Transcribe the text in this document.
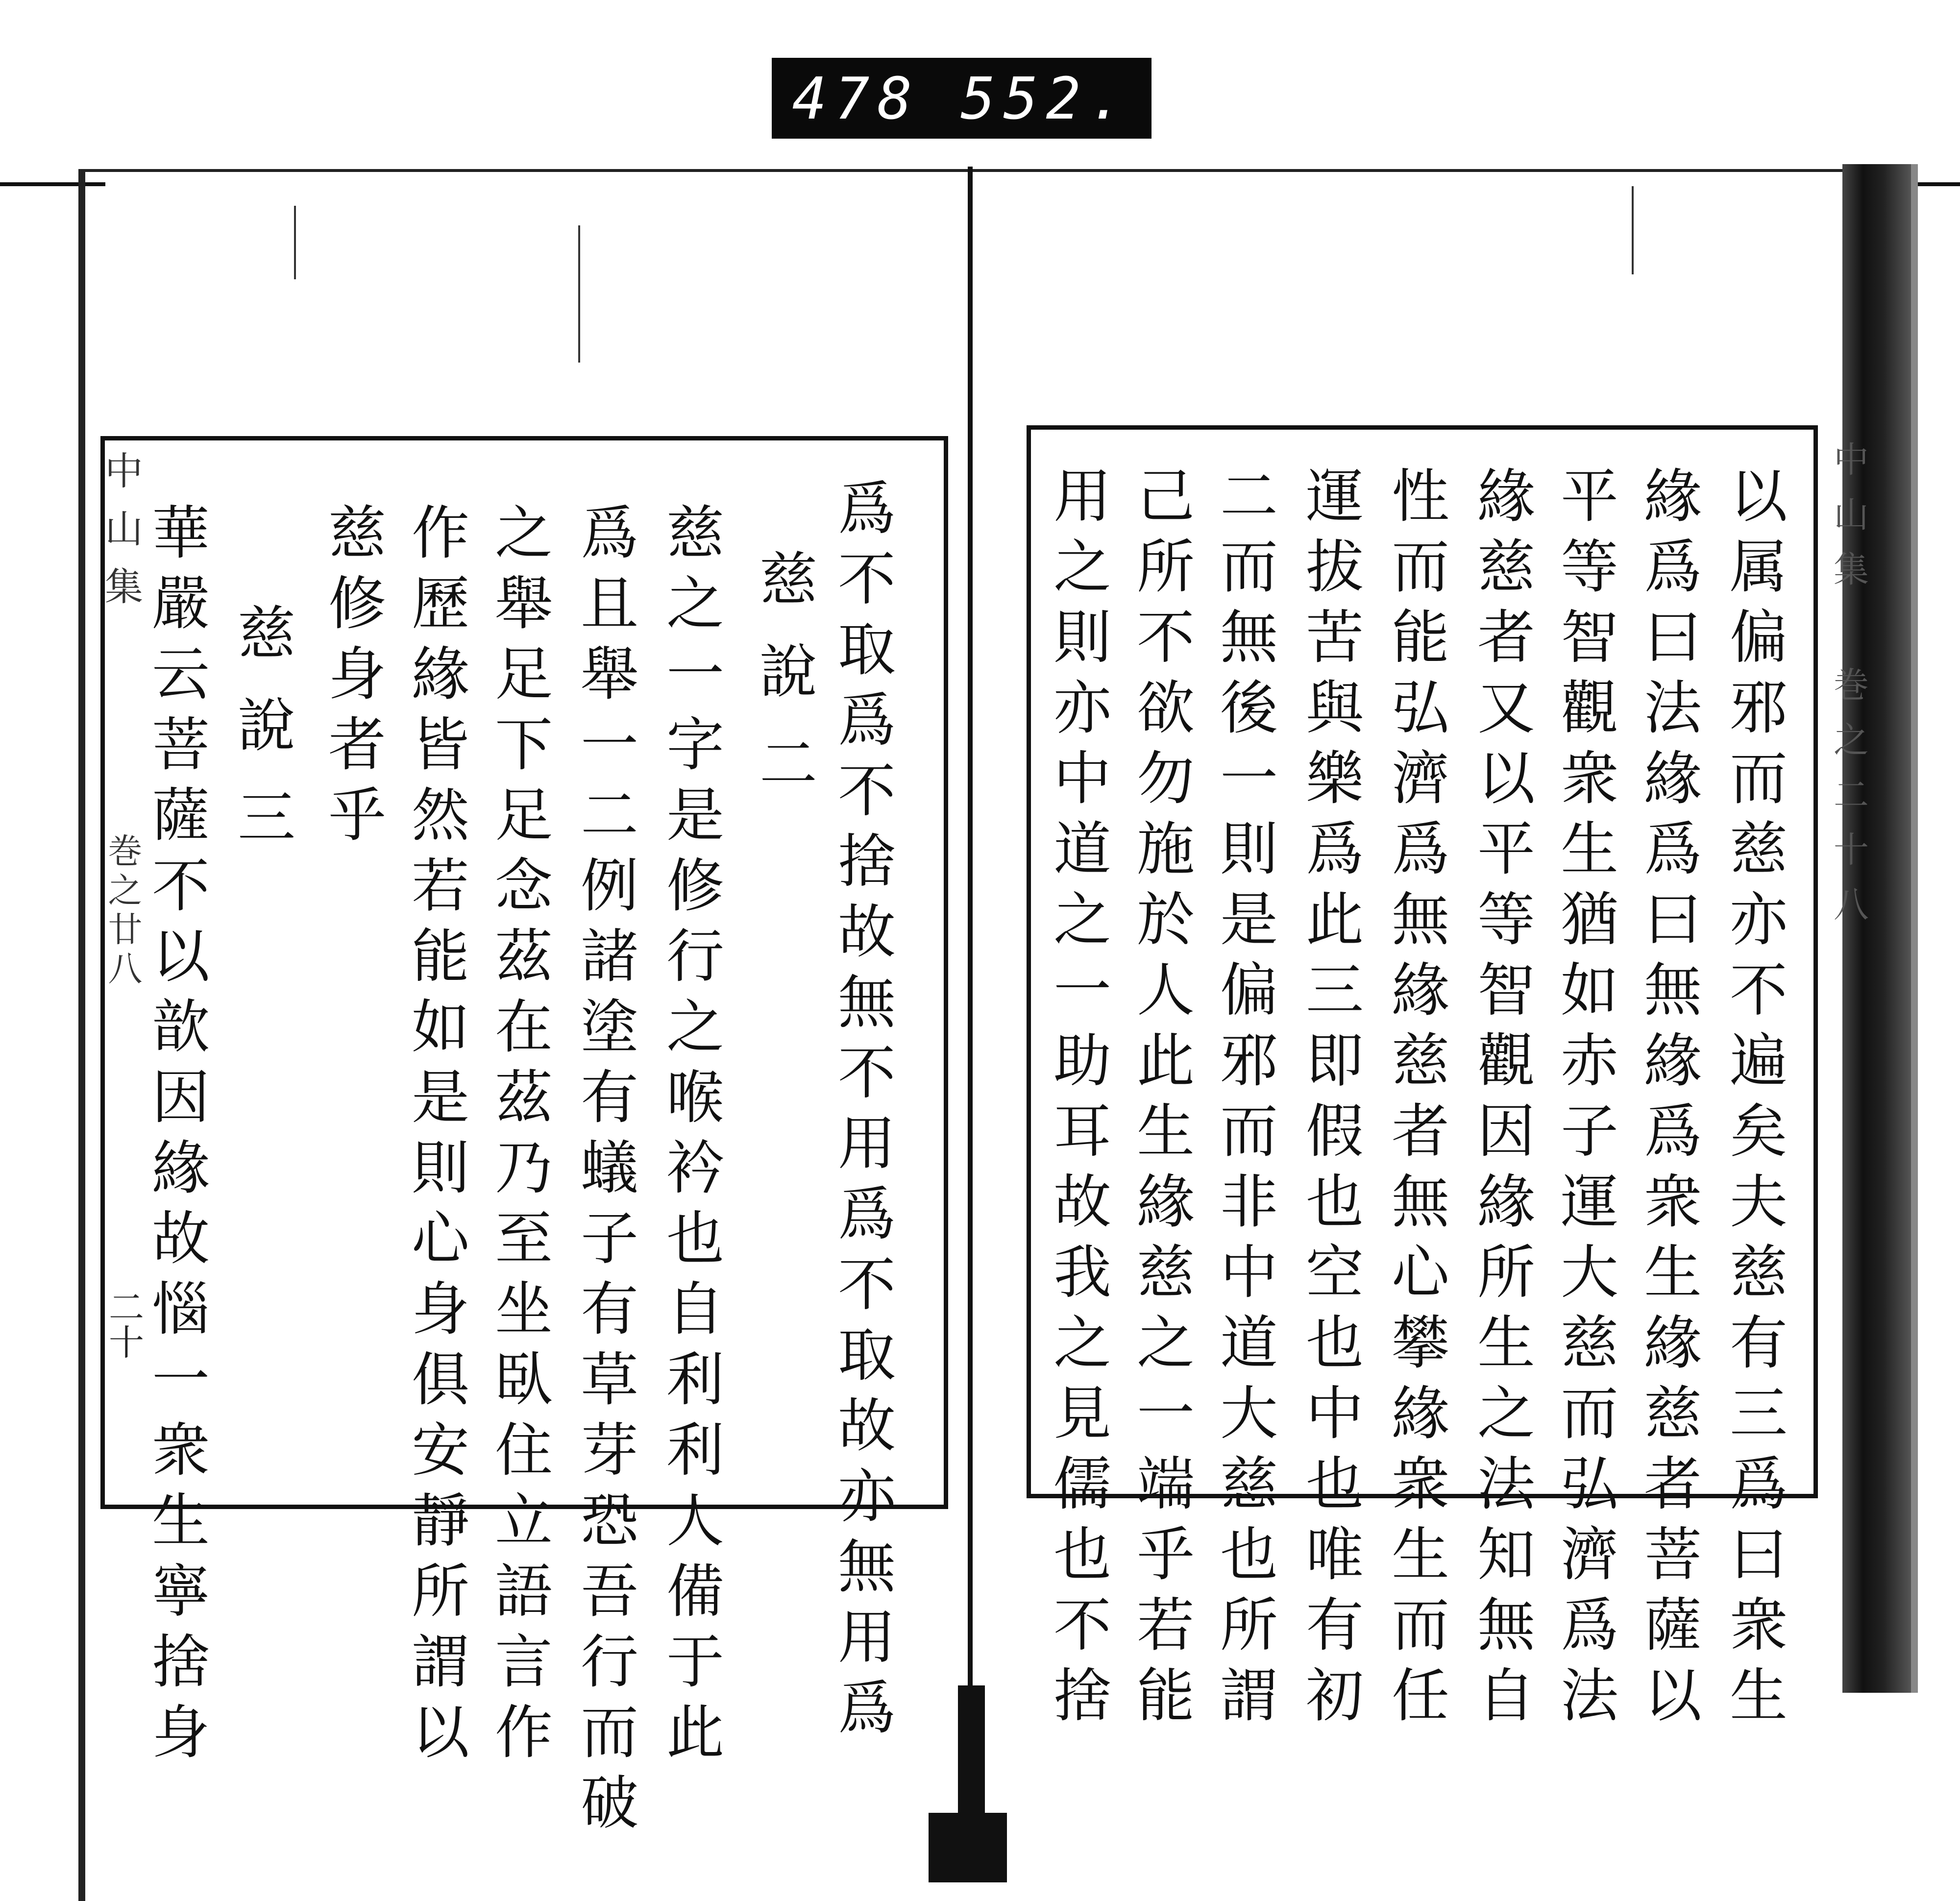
478 552.
中山集
巻之廿八
二十
中山集 巻之二十八
爲不取爲不捨故無不用爲不取故亦無用爲
慈說二
慈之一字是修行之喉衿也自利利人備于此
爲且舉一二例諸塗有蟻子有草芽恐吾行而破
之舉足下足念茲在茲乃至坐臥住立語言作
作歷緣皆然若能如是則心身俱安靜所謂以
慈修身者乎
慈說三
華嚴云菩薩不以歆因緣故惱一衆生寧捨身	以属偏邪而慈亦不遍矣夫慈有三爲曰衆生
緣爲曰法緣爲曰無緣爲衆生緣慈者菩薩以
平等智觀衆生猶如赤子運大慈而弘濟爲法
緣慈者又以平等智觀因緣所生之法知無自
性而能弘濟爲無緣慈者無心攀緣衆生而任
運拔苦與樂爲此三即假也空也中也唯有初
二而無後一則是偏邪而非中道大慈也所謂
己所不欲勿施於人此生緣慈之一端乎若能
用之則亦中道之一助耳故我之見儒也不捨
